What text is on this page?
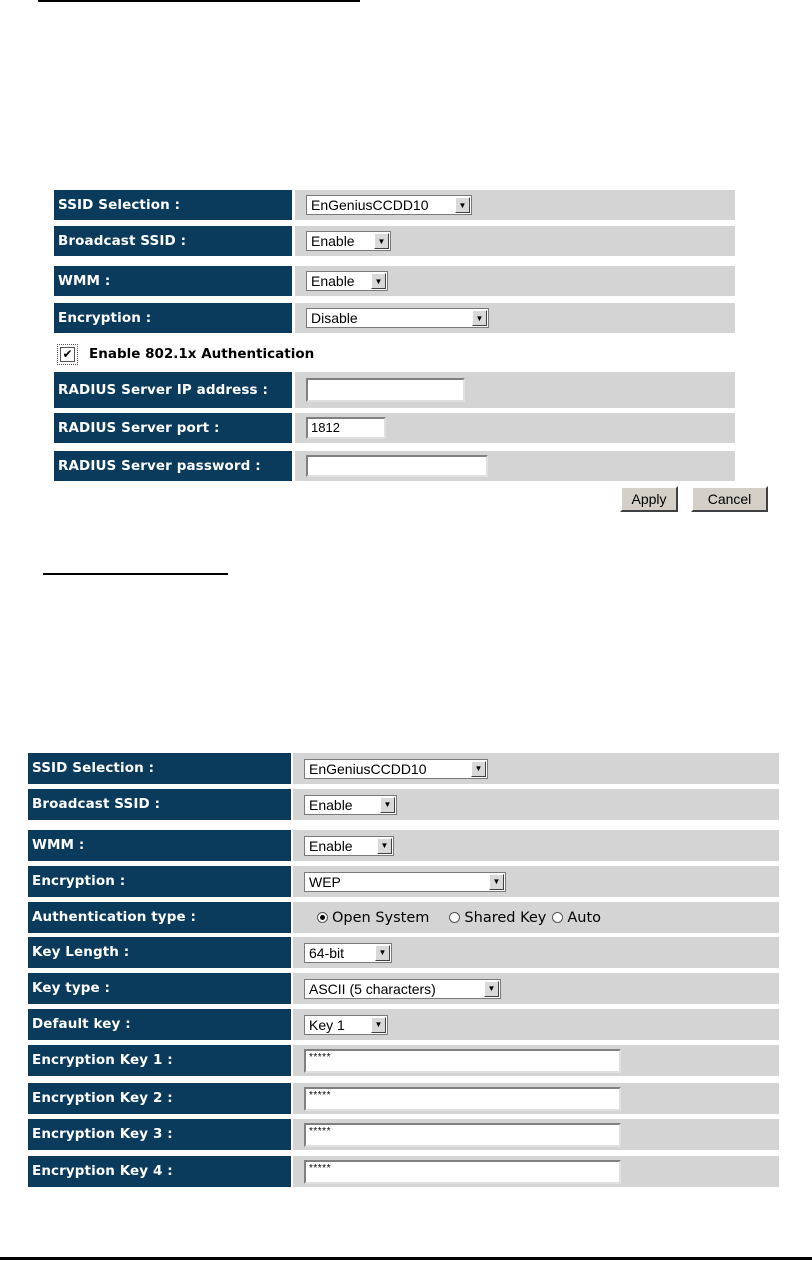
SSID Selection :	EnGeniusCCDD10	▼
Broadcast SSID :	Enable	▼
WMM :	Enable	▼
Encryption :	Disable	▼
✔ Enable 802.1x Authentication
RADIUS Server IP address :
RADIUS Server port :	1812
RADIUS Server password :
Apply	Cancel
SSID Selection :	EnGeniusCCDD10	▼
Broadcast SSID :	Enable	▼
WMM :	Enable	▼
Encryption :	WEP	▼
Authentication type :	Open System Shared Key Auto
Key Length :	64-bit	▼
Key type :	ASCII (5 characters)	▼
Default key :	Key 1	▼
Encryption Key 1 :	*****
Encryption Key 2 :	*****
Encryption Key 3 :	*****
Encryption Key 4 :	*****
